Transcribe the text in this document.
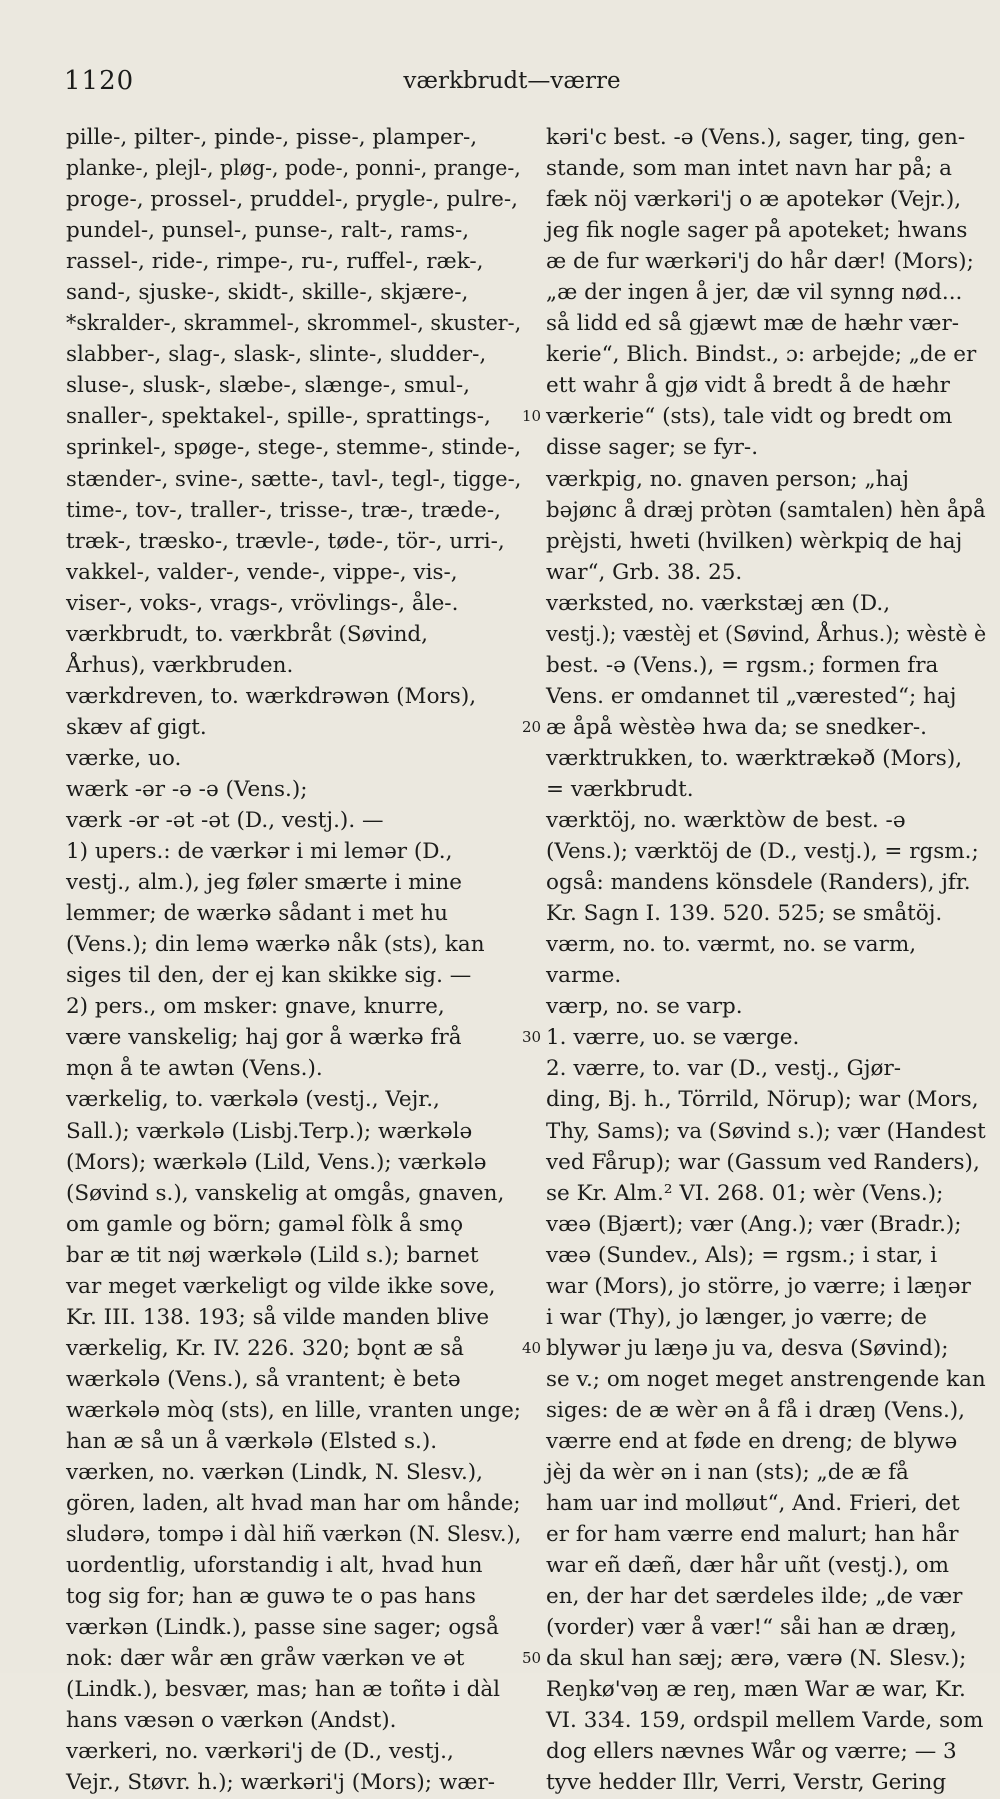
1120	værkbrudt—værre
pille-, pilter-, pinde-, pisse-, plamper-,
planke-, plejl-, pløg-, pode-, ponni-, prange-,
proge-, prossel-, pruddel-, prygle-, pulre-,
pundel-, punsel-, punse-, ralt-, rams-,
rassel-, ride-, rimpe-, ru-, ruffel-, ræk-,
sand-, sjuske-, skidt-, skille-, skjære-,
*skralder-, skrammel-, skrommel-, skuster-,
slabber-, slag-, slask-, slinte-, sludder-,
sluse-, slusk-, slæbe-, slænge-, smul-,
snaller-, spektakel-, spille-, sprattings-,
sprinkel-, spøge-, stege-, stemme-, stinde-,
stænder-, svine-, sætte-, tavl-, tegl-, tigge-,
time-, tov-, traller-, trisse-, træ-, træde-,
træk-, træsko-, trævle-, tøde-, tör-, urri-,
vakkel-, valder-, vende-, vippe-, vis-,
viser-, voks-, vrags-, vrövlings-, åle-.
værkbrudt, to. værkbråt (Søvind,
Århus), værkbruden.
værkdreven, to. wærkdrəwən (Mors),
skæv af gigt.
værke, uo.
wærk -ər -ə -ə (Vens.);
værk -ər -ət -ət (D., vestj.). —
1) upers.: de værkər i mi lemər (D.,
vestj., alm.), jeg føler smærte i mine
lemmer; de wærkə sådant i met hu
(Vens.); din lemə wærkə nåk (sts), kan
siges til den, der ej kan skikke sig. —
2) pers., om msker: gnave, knurre,
være vanskelig; haj gor å wærkə frå
mǫn å te awtən (Vens.).
værkelig, to. værkələ (vestj., Vejr.,
Sall.); værkələ (Lisbj.Terp.); wærkələ
(Mors); wærkələ (Lild, Vens.); værkələ
(Søvind s.), vanskelig at omgås, gnaven,
om gamle og börn; gaməl fòlk å smǫ
bar æ tit nøj wærkələ (Lild s.); barnet
var meget værkeligt og vilde ikke sove,
Kr. III. 138. 193; så vilde manden blive
værkelig, Kr. IV. 226. 320; bǫnt æ så
wærkələ (Vens.), så vrantent; è betə
wærkələ mòq (sts), en lille, vranten unge;
han æ så un å værkələ (Elsted s.).
værken, no. værkən (Lindk, N. Slesv.),
gören, laden, alt hvad man har om hånde;
sludərə, tompə i dàl hiñ værkən (N. Slesv.),
uordentlig, uforstandig i alt, hvad hun
tog sig for; han æ guwə te o pas hans
værkən (Lindk.), passe sine sager; også
nok: dær wår æn gråw værkən ve ət
(Lindk.), besvær, mas; han æ toñtə i dàl
hans væsən o værkən (Andst).
værkeri, no. værkəri'j de (D., vestj.,
Vejr., Støvr. h.); wærkəri'j (Mors); wær-
10
20
30
40
50
kəri'c best. -ə (Vens.), sager, ting, gen-
stande, som man intet navn har på; a
fæk nöj værkəri'j o æ apotekər (Vejr.),
jeg fik nogle sager på apoteket; hwans
æ de fur wærkəri'j do hår dær! (Mors);
„æ der ingen å jer, dæ vil synng nød...
så lidd ed så gjæwt mæ de hæhr vær-
kerie“, Blich. Bindst., ɔ: arbejde; „de er
ett wahr å gjø vidt å bredt å de hæhr
værkerie“ (sts), tale vidt og bredt om
disse sager; se fyr-.
værkpig, no. gnaven person; „haj
bəjønc å dræj pròtən (samtalen) hèn åpå
prèjsti, hweti (hvilken) wèrkpiq de haj
war“, Grb. 38. 25.
værksted, no. værkstæj æn (D.,
vestj.); væstèj et (Søvind, Århus.); wèstè è
best. -ə (Vens.), = rgsm.; formen fra
Vens. er omdannet til „værested“; haj
æ åpå wèstèə hwa da; se snedker-.
værktrukken, to. wærktrækəð (Mors),
= værkbrudt.
værktöj, no. wærktòw de best. -ə
(Vens.); værktöj de (D., vestj.), = rgsm.;
også: mandens könsdele (Randers), jfr.
Kr. Sagn I. 139. 520. 525; se småtöj.
værm, no. to. værmt, no. se varm,
varme.
værp, no. se varp.
1. værre, uo. se værge.
2. værre, to. var (D., vestj., Gjør-
ding, Bj. h., Törrild, Nörup); war (Mors,
Thy, Sams); va (Søvind s.); vær (Handest
ved Fårup); war (Gassum ved Randers),
se Kr. Alm.² VI. 268. 01; wèr (Vens.);
væə (Bjært); vær (Ang.); vær (Bradr.);
væə (Sundev., Als); = rgsm.; i star, i
war (Mors), jo större, jo værre; i læŋər
i war (Thy), jo længer, jo værre; de
blywər ju læŋə ju va, desva (Søvind);
se v.; om noget meget anstrengende kan
siges: de æ wèr ən å få i dræŋ (Vens.),
værre end at føde en dreng; de blywə
jèj da wèr ən i nan (sts); „de æ få
ham uar ind molløut“, And. Frieri, det
er for ham værre end malurt; han hår
war eñ dæñ, dær hår uñt (vestj.), om
en, der har det særdeles ilde; „de vær
(vorder) vær å vær!“ såi han æ dræŋ,
da skul han sæj; ærə, værə (N. Slesv.);
Reŋkø'vəŋ æ reŋ, mæn War æ war, Kr.
VI. 334. 159, ordspil mellem Varde, som
dog ellers nævnes Wår og værre; — 3
tyve hedder Illr, Verri, Verstr, Gering
